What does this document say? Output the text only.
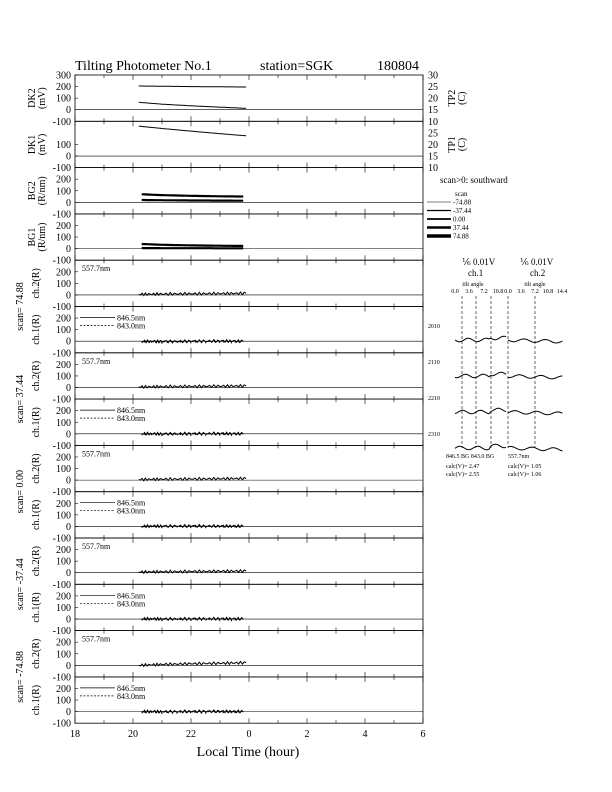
Tilting Photometer No.1	station=SGK	180804
300
200
100
0
-100
30
25
20
15
10
TP2 (C)
DK2 (mV)
100
0
-100
25
20
15
10
TP1 (C)
DK1 (mV)
200
100
0
-100
BG2 (R/nm)
200
100
0
-100
BG1 (R/nm)
200
100
0
-100
ch.2(R)	557.7nm
200
100
0
-100
ch.1(R)	846.5nm
843.0nm
200
100
0
-100
ch.2(R)	557.7nm
200
100
0
-100
ch.1(R)	846.5nm
843.0nm
200
100
0
-100
ch.2(R)	557.7nm
200
100
0
-100
ch.1(R)	846.5nm
843.0nm
200
100
0
-100
ch.2(R)	557.7nm
200
100
0
-100
ch.1(R)	846.5nm
843.0nm
200
100
0
-100
ch.2(R)	557.7nm
200
100
0
-100
ch.1(R)	846.5nm
843.0nm
scan= 74.88
scan= 37.44
scan= 0.00
scan= -37.44
scan= -74.88
Local Time (hour)
18	20	22	0	2	4	6
scan>0: southward
scan
-74.88
-37.44
0.00
37.44
74.88
⅙ 0.01V
ch.1
⅙ 0.01V
ch.2
0.0 3.6 7.2 10.8 0.0 3.6 7.2 10.8 14.4
tilt angle	tilt angle
2010
2110
2210
2310
846.5 BG 843.0 BG 557.7nm
calc(V)= 2.47
calc(V)= 2.55
calc(V)= 1.05
calc(V)= 1.06
